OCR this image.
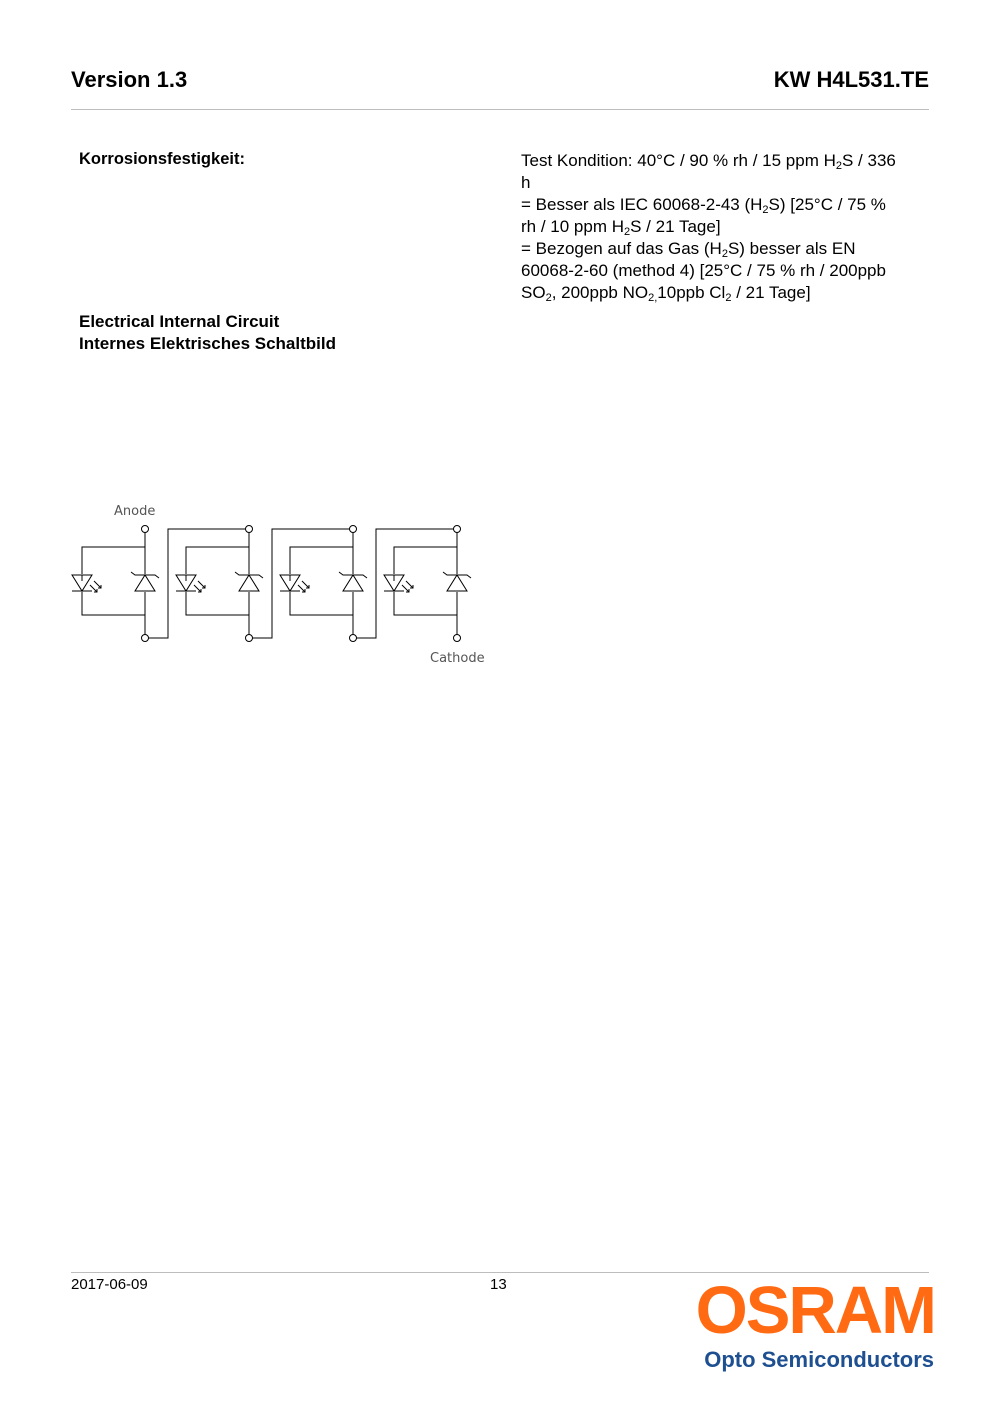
Version 1.3	KW H4L531.TE
Korrosionsfestigkeit:	Test Kondition: 40°C / 90 % rh / 15 ppm $H_2S / 336$
h
= Besser als IEC 60068-2-43 $(H_2S)$ [25°C / 75 %
rh / 10 ppm $H_2S / 21$ Tage]
= Bezogen auf das Gas $(H_2S)$ besser als EN
60068-2-60 (method 4) [25°C / 75 % rh / 200ppb
$SO_2$, 200ppb $NO_{2,}10ppb$ $Cl_2 / 21$ Tage]
Electrical Internal Circuit
Internes Elektrisches Schaltbild
Anode
Cathode
2017-06-09	13	OSRAM
Opto Semiconductors
